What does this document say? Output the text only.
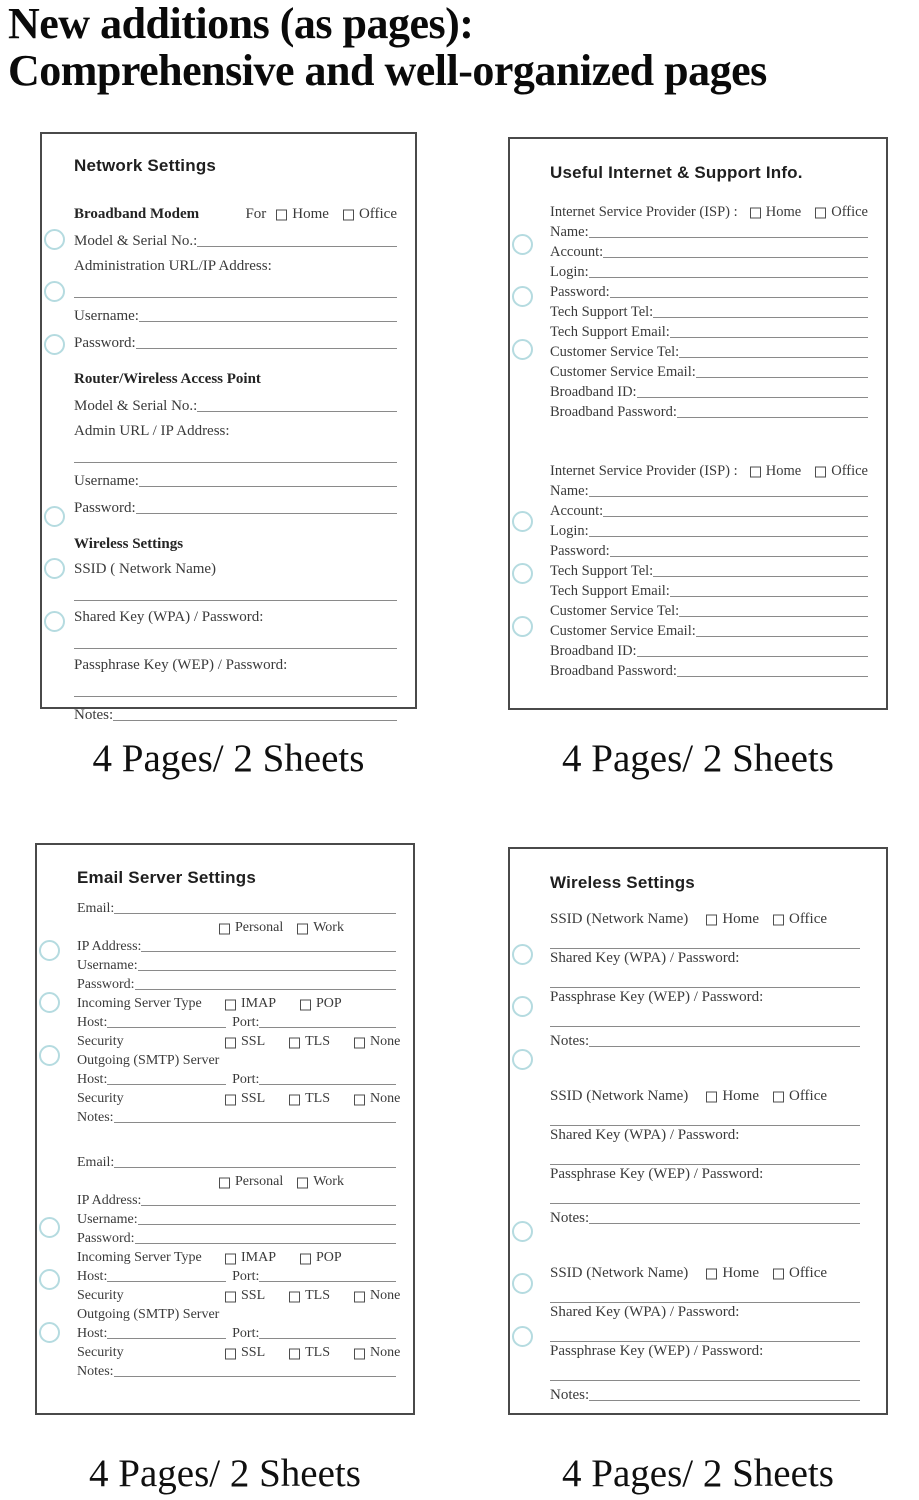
New additions (as pages):
Comprehensive and well-organized pages
Network Settings
Broadband Modem	For Home Office
Model & Serial No.:
Administration URL/IP Address:
Username:
Password:
Router/Wireless Access Point
Model & Serial No.:
Admin URL / IP Address:
Username:
Password:
Wireless Settings
SSID ( Network Name)
Shared Key (WPA) / Password:
Passphrase Key (WEP) / Password:
Notes:
Useful Internet & Support Info.
Internet Service Provider (ISP) : Home Office
Name:
Account:
Login:
Password:
Tech Support Tel:
Tech Support Email:
Customer Service Tel:
Customer Service Email:
Broadband ID:
Broadband Password:
Internet Service Provider (ISP) : Home Office
Name:
Account:
Login:
Password:
Tech Support Tel:
Tech Support Email:
Customer Service Tel:
Customer Service Email:
Broadband ID:
Broadband Password:
Email Server Settings
Email:
Personal Work
IP Address:
Username:
Password:
Incoming Server Type	IMAP	POP
Host:	Port:
Security	SSL	TLS	None
Outgoing (SMTP) Server
Host:	Port:
Security	SSL	TLS	None
Notes:
Email:
Personal Work
IP Address:
Username:
Password:
Incoming Server Type	IMAP	POP
Host:	Port:
Security	SSL	TLS	None
Outgoing (SMTP) Server
Host:	Port:
Security	SSL	TLS	None
Notes:
Wireless Settings
SSID (Network Name) Home Office
Shared Key (WPA) / Password:
Passphrase Key (WEP) / Password:
Notes:
SSID (Network Name) Home Office
Shared Key (WPA) / Password:
Passphrase Key (WEP) / Password:
Notes:
SSID (Network Name) Home Office
Shared Key (WPA) / Password:
Passphrase Key (WEP) / Password:
Notes:
4 Pages/ 2 Sheets	4 Pages/ 2 Sheets
4 Pages/ 2 Sheets	4 Pages/ 2 Sheets
